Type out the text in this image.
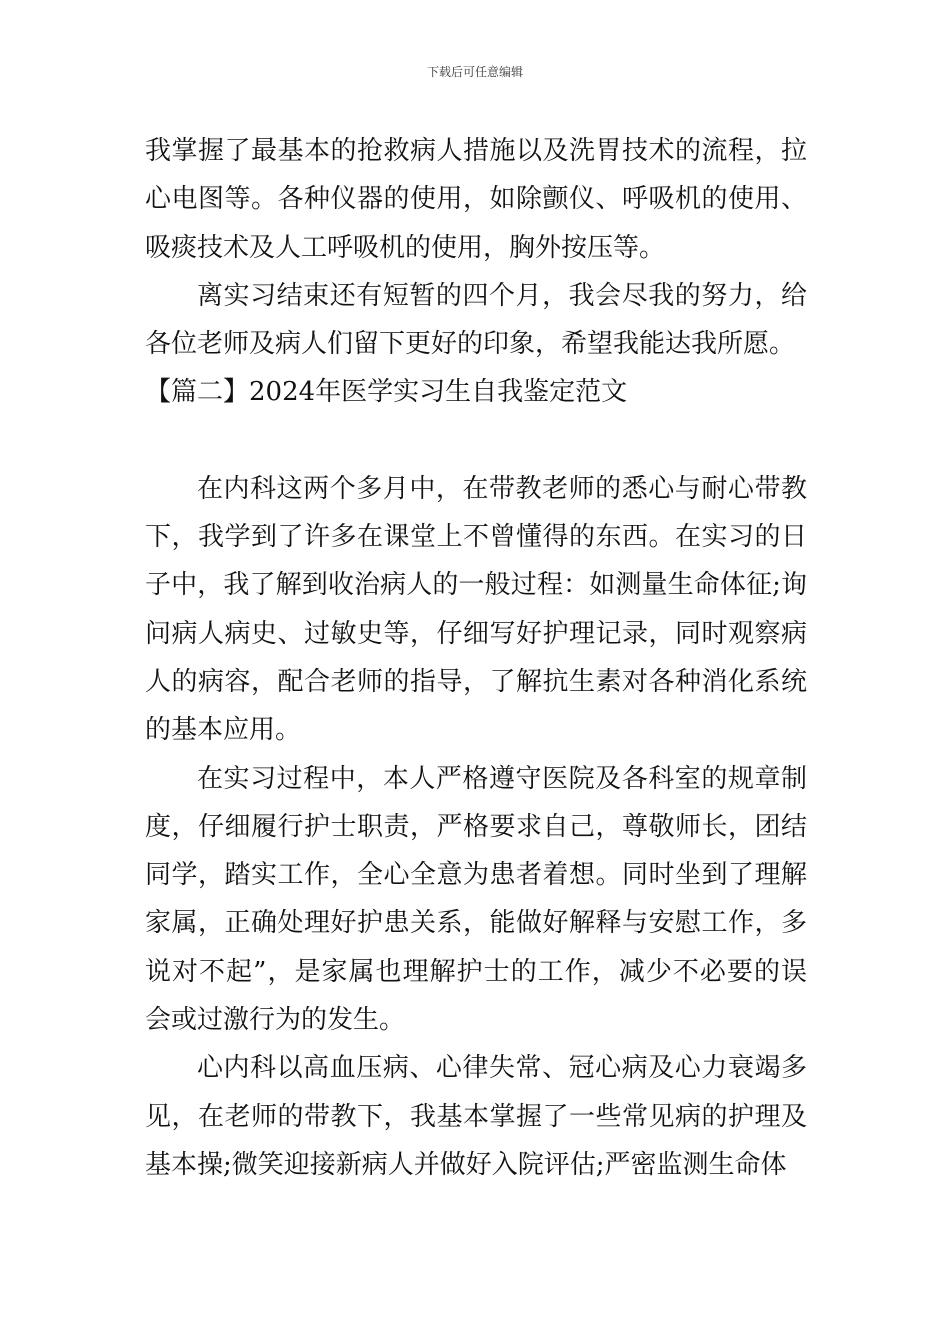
下载后可任意编辑

我掌握了最基本的抢救病人措施以及洗胃技术的流程，拉心电图等。各种仪器的使用，如除颤仪、呼吸机的使用、吸痰技术及人工呼吸机的使用，胸外按压等。

离实习结束还有短暂的四个月，我会尽我的努力，给各位老师及病人们留下更好的印象，希望我能达我所愿。

【篇二】2024年医学实习生自我鉴定范文

在内科这两个多月中，在带教老师的悉心与耐心带教下，我学到了许多在课堂上不曾懂得的东西。在实习的日子中，我了解到收治病人的一般过程：如测量生命体征;询问病人病史、过敏史等，仔细写好护理记录，同时观察病人的病容，配合老师的指导，了解抗生素对各种消化系统的基本应用。

在实习过程中，本人严格遵守医院及各科室的规章制度，仔细履行护士职责，严格要求自己，尊敬师长，团结同学，踏实工作，全心全意为患者着想。同时坐到了理解家属，正确处理好护患关系，能做好解释与安慰工作，多说对不起”，是家属也理解护士的工作，减少不必要的误会或过激行为的发生。

心内科以高血压病、心律失常、冠心病及心力衰竭多见，在老师的带教下，我基本掌握了一些常见病的护理及基本操;微笑迎接新病人并做好入院评估;严密监测生命体
